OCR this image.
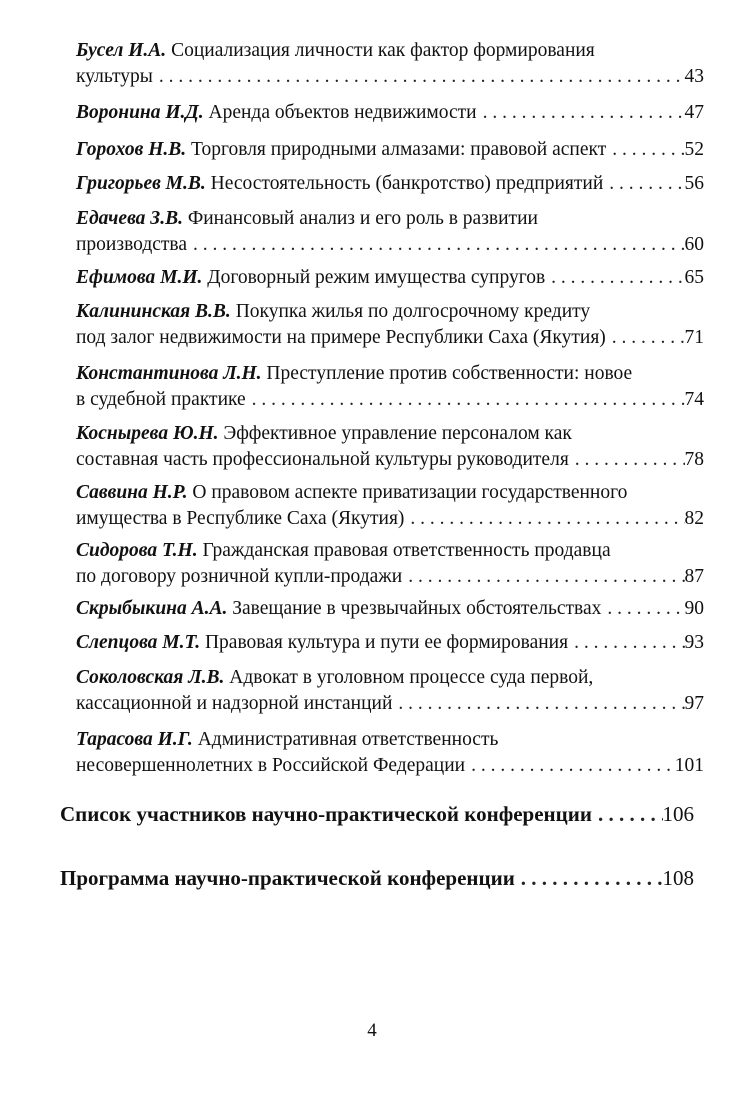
Бусел И.А. Социализация личности как фактор формирования
культуры . . .	43
Воронина И.Д. Аренда объектов недвижимости . . .	47
Горохов Н.В. Торговля природными алмазами: правовой аспект . . .	52
Григорьев М.В. Несостоятельность (банкротство) предприятий . . .	56
Едачева З.В. Финансовый анализ и его роль в развитии
производства . . .	60
Ефимова М.И. Договорный режим имущества супругов . . .	65
Калининская В.В. Покупка жилья по долгосрочному кредиту
под залог недвижимости на примере Республики Саха (Якутия) . . .	71
Константинова Л.Н. Преступление против собственности: новое
в судебной практике . . .	74
Косныревa Ю.Н. Эффективное управление персоналом как
составная часть профессиональной культуры руководителя . . .	78
Саввина Н.Р. О правовом аспекте приватизации государственного
имущества в Республике Саха (Якутия) . . .	82
Сидорова Т.Н. Гражданская правовая ответственность продавца
по договору розничной купли-продажи . . .	87
Скрыбыкина А.А. Завещание в чрезвычайных обстоятельствах . . .	90
Слепцова М.Т. Правовая культура и пути ее формирования . . .	93
Соколовская Л.В. Адвокат в уголовном процессе суда первой,
кассационной и надзорной инстанций . . .	97
Тарасова И.Г. Административная ответственность
несовершеннолетних в Российской Федерации . . .	101
Список участников научно-практической конференции . . .	106
Программа научно-практической конференции . . .	108
4
